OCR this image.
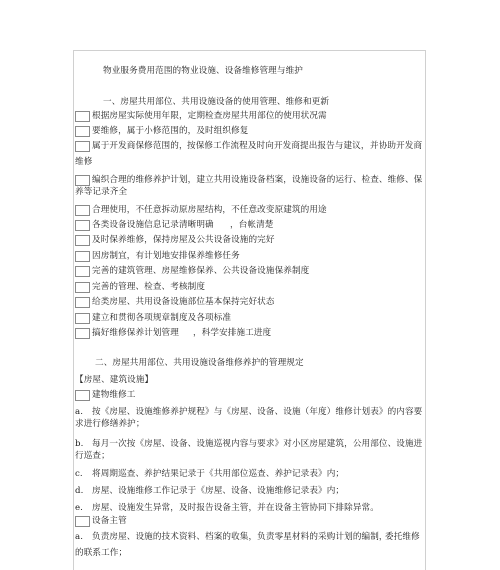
物业服务费用范围的物业设施、设备维修管理与维护
一、房屋共用部位、共用设施设备的使用管理、维修和更新
根据房屋实际使用年限，定期检查房屋共用部位的使用状况需
要维修，属于小修范围的，及时组织修复
属于开发商保修范围的， 按保修工作流程及时向开发商提出报告与建议， 并协助开发商
维修
编织合理的维修养护计划，建立共用设施设备档案，设施设备的运行、检查、维修、保
养等记录齐全
合理使用，不任意拆动原房屋结构，不任意改变原建筑的用途
各类设备设施信息记录清晰明确 ，台帐清楚
及时保养维修，保持房屋及公共设备设施的完好
因房制宜，有计划地安排保养维修任务
完善的建筑管理、房屋维修保养、公共设备设施保养制度
完善的管理、检查、考核制度
给类房屋、共用设备设施部位基本保持完好状态
建立和贯彻各项规章制度及各项标准
搞好维修保养计划管理 ，科学安排施工进度
二、房屋共用部位、共用设施设备维修养护的管理规定
【房屋、建筑设施】
建物维修工
a. 按《房屋、设施维修养护规程》与《房屋、设备、设施（年度）维修计划表》的内容要
求进行修缮养护；
b. 每月一次按《房屋、设备、设施巡视内容与要求》对小区房屋建筑，公用部位、设施进
行巡查；
c. 将周期巡查、养护结果记录于《共用部位巡查、养护记录表》内；
d. 房屋、设施维修工作记录于《房屋、设备、设施维修记录表》内；
e. 房屋、设施发生异常，及时报告设备主管，并在设备主管协同下排除异常。
设备主管
a. 负责房屋、设施的技术资料、档案的收集，负责零星材料的采购计划的编制，
委托维修
的联系工作；
